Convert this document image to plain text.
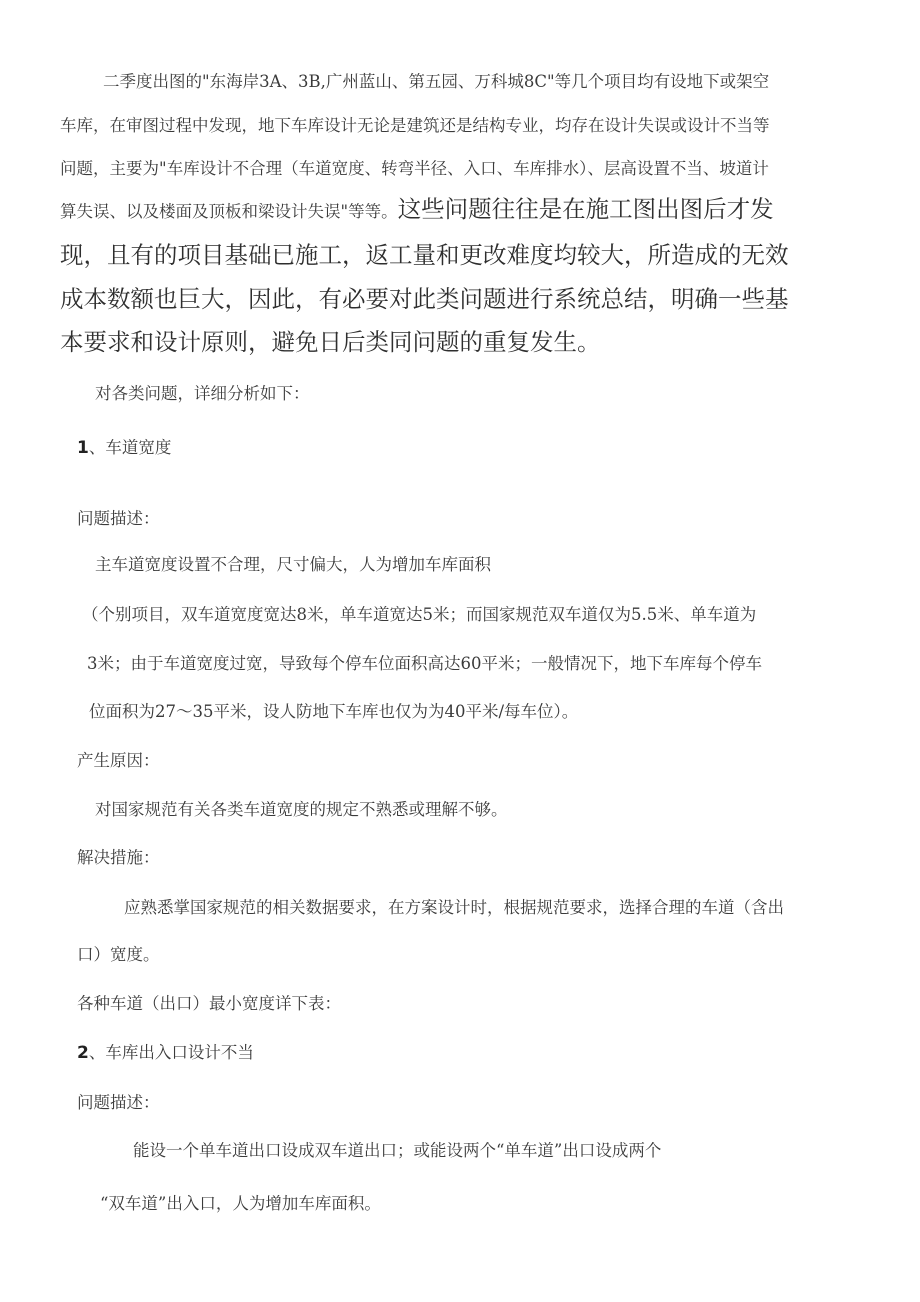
二季度出图的"东海岸3A、3B,广州蓝山、第五园、万科城8C"等几个项目均有设地下或架空
车库，在审图过程中发现，地下车库设计无论是建筑还是结构专业，均存在设计失误或设计不当等
问题，主要为"车库设计不合理（车道宽度、转弯半径、入口、车库排水）、层高设置不当、坡道计
算失误、以及楼面及顶板和梁设计失误"等等。这些问题往往是在施工图出图后才发
现，且有的项目基础已施工，返工量和更改难度均较大，所造成的无效
成本数额也巨大，因此，有必要对此类问题进行系统总结，明确一些基
本要求和设计原则，避免日后类同问题的重复发生。
对各类问题，详细分析如下：
1、车道宽度
问题描述：
主车道宽度设置不合理，尺寸偏大，人为增加车库面积
（个别项目，双车道宽度宽达8米，单车道宽达5米；而国家规范双车道仅为5.5米、单车道为
3米；由于车道宽度过宽，导致每个停车位面积高达60平米；一般情况下，地下车库每个停车
位面积为27～35平米，设人防地下车库也仅为为40平米/每车位）。
产生原因：
对国家规范有关各类车道宽度的规定不熟悉或理解不够。
解决措施：
应熟悉掌国家规范的相关数据要求，在方案设计时，根据规范要求，选择合理的车道（含出
口）宽度。
各种车道（出口）最小宽度详下表：
2、车库出入口设计不当
问题描述：
能设一个单车道出口设成双车道出口；或能设两个“单车道”出口设成两个
“双车道”出入口，人为增加车库面积。
